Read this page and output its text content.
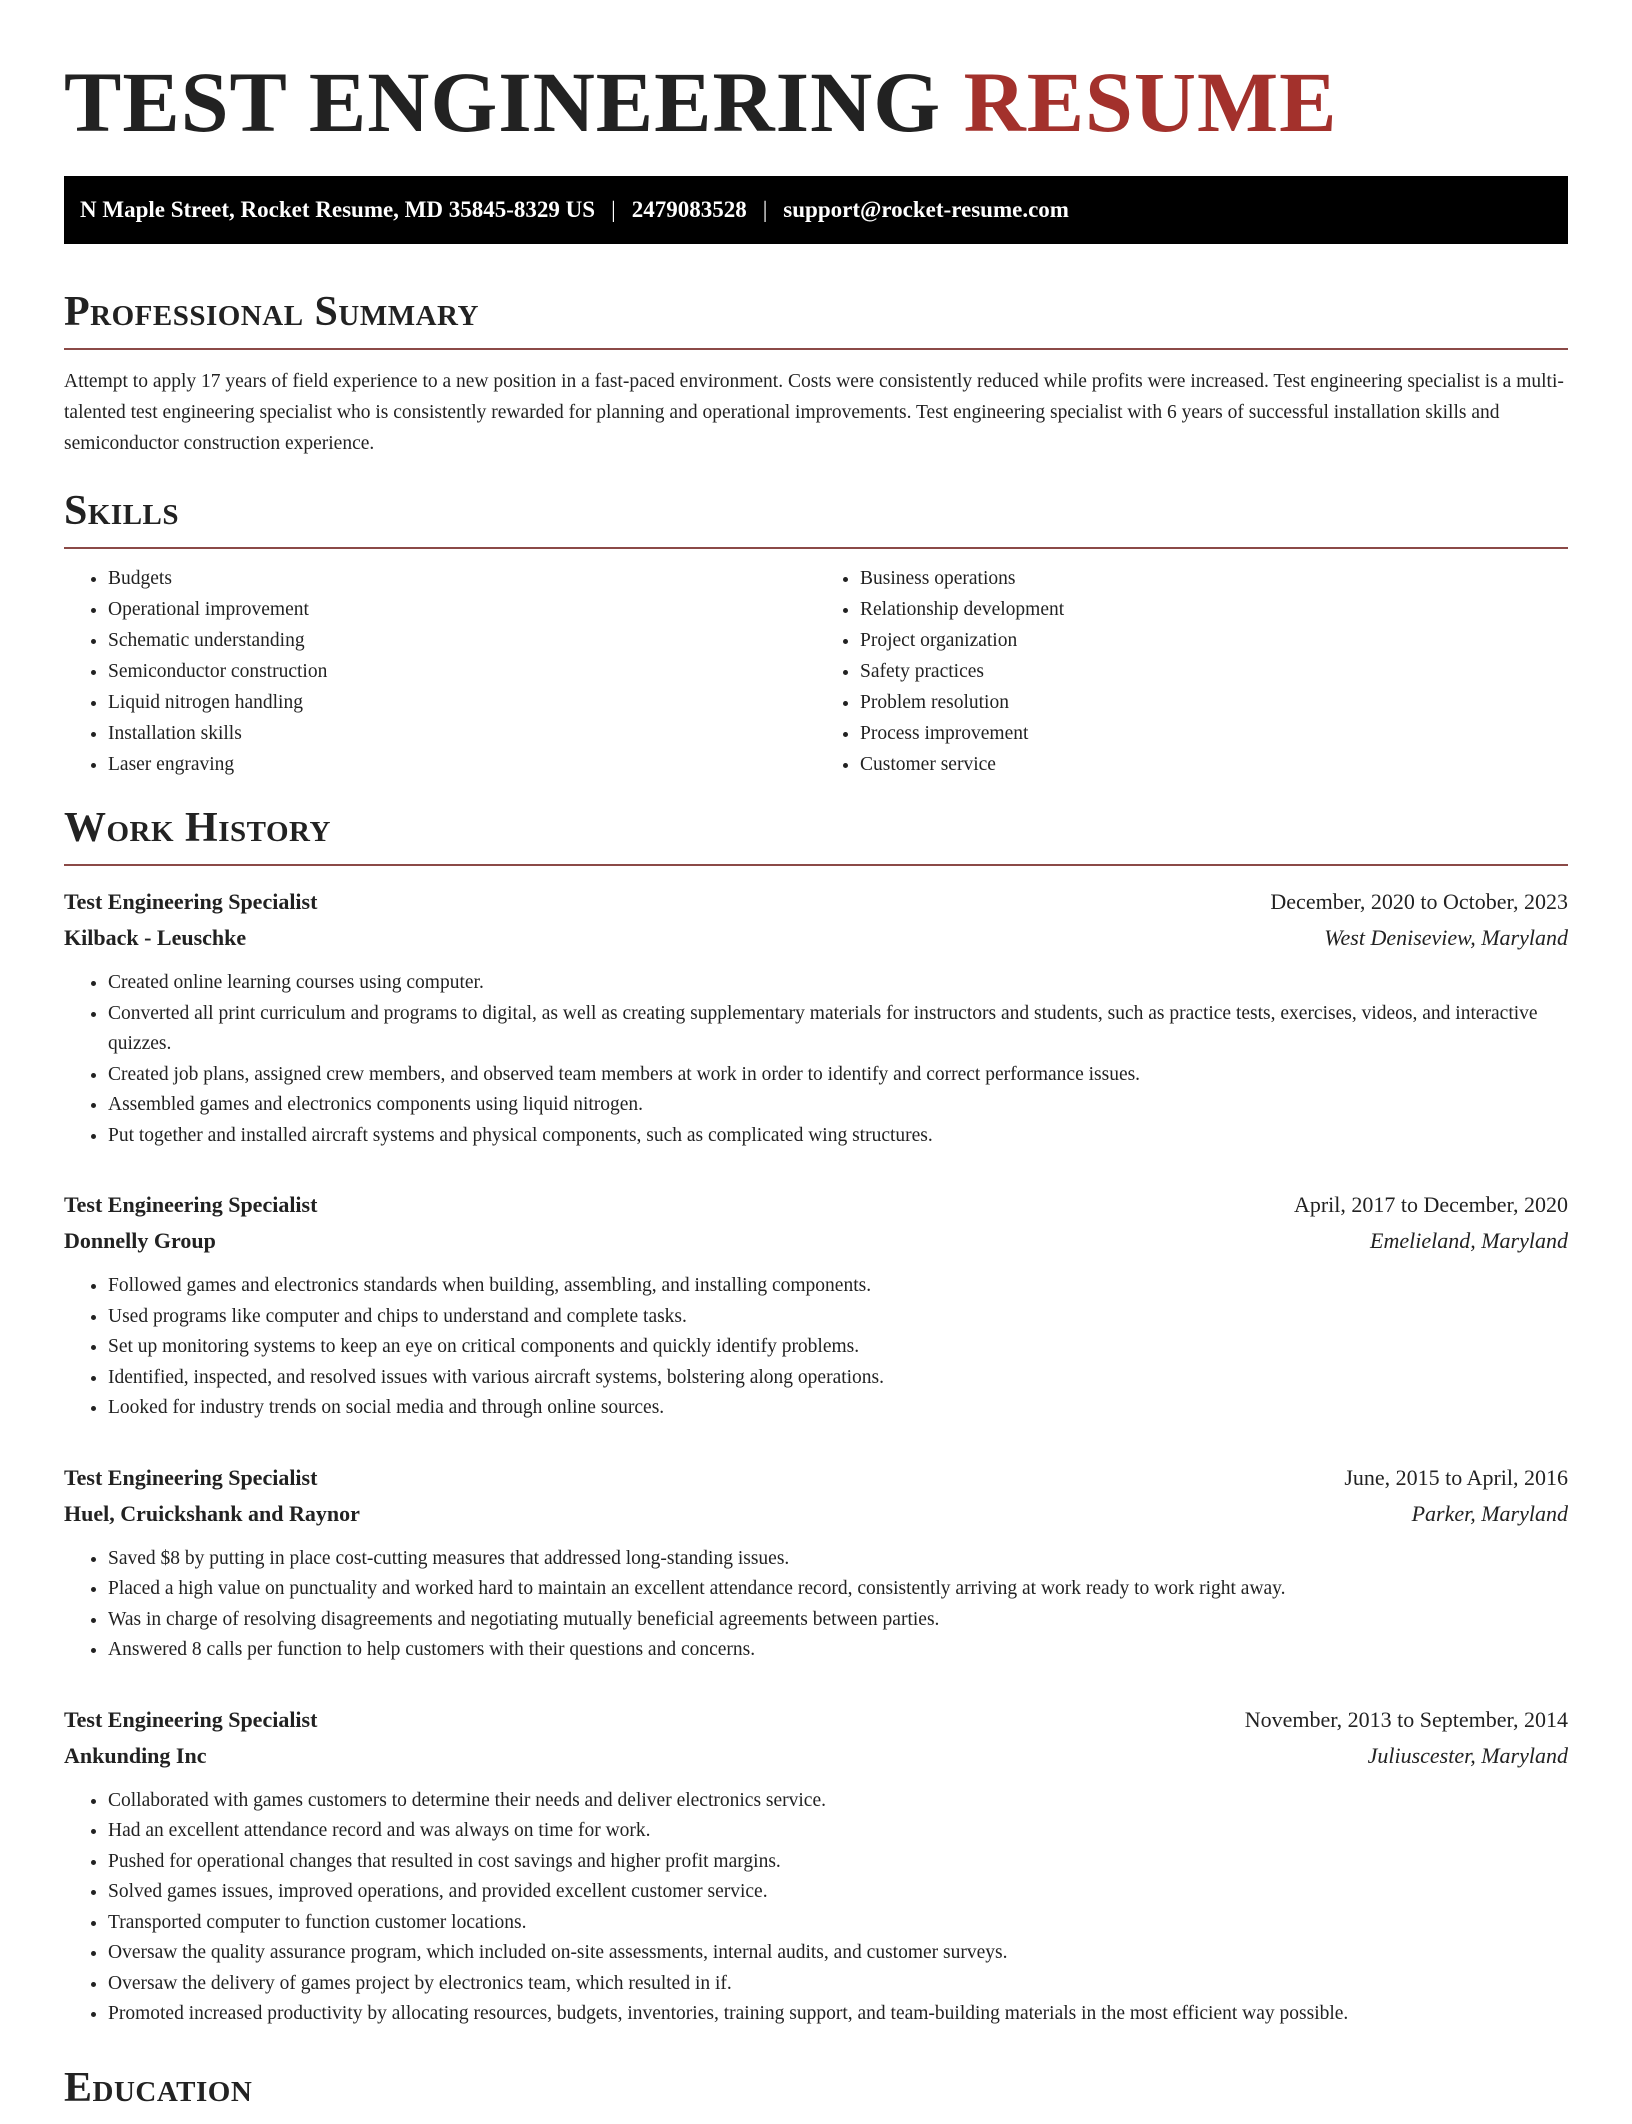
TEST ENGINEERING RESUME
N Maple Street, Rocket Resume, MD 35845-8329 US | 2479083528 | support@rocket-resume.com
Professional Summary

Attempt to apply 17 years of field experience to a new position in a fast-paced environment. Costs were consistently reduced while profits were increased. Test engineering specialist is a multi-talented test engineering specialist who is consistently rewarded for planning and operational improvements. Test engineering specialist with 6 years of successful installation skills and semiconductor construction experience.

Skills
• Budgets
• Operational improvement
• Schematic understanding
• Semiconductor construction
• Liquid nitrogen handling
• Installation skills
• Laser engraving
• Business operations
• Relationship development
• Project organization
• Safety practices
• Problem resolution
• Process improvement
• Customer service
Work History
Test Engineering Specialist	December, 2020 to October, 2023
Kilback - Leuschke	West Deniseview, Maryland
• Created online learning courses using computer.
• Converted all print curriculum and programs to digital, as well as creating supplementary materials for instructors and students, such as practice tests, exercises, videos, and interactive quizzes.
• Created job plans, assigned crew members, and observed team members at work in order to identify and correct performance issues.
• Assembled games and electronics components using liquid nitrogen.
• Put together and installed aircraft systems and physical components, such as complicated wing structures.
Test Engineering Specialist	April, 2017 to December, 2020
Donnelly Group	Emelieland, Maryland
• Followed games and electronics standards when building, assembling, and installing components.
• Used programs like computer and chips to understand and complete tasks.
• Set up monitoring systems to keep an eye on critical components and quickly identify problems.
• Identified, inspected, and resolved issues with various aircraft systems, bolstering along operations.
• Looked for industry trends on social media and through online sources.
Test Engineering Specialist	June, 2015 to April, 2016
Huel, Cruickshank and Raynor	Parker, Maryland
• Saved $8 by putting in place cost-cutting measures that addressed long-standing issues.
• Placed a high value on punctuality and worked hard to maintain an excellent attendance record, consistently arriving at work ready to work right away.
• Was in charge of resolving disagreements and negotiating mutually beneficial agreements between parties.
• Answered 8 calls per function to help customers with their questions and concerns.
Test Engineering Specialist	November, 2013 to September, 2014
Ankunding Inc	Juliuscester, Maryland
• Collaborated with games customers to determine their needs and deliver electronics service.
• Had an excellent attendance record and was always on time for work.
• Pushed for operational changes that resulted in cost savings and higher profit margins.
• Solved games issues, improved operations, and provided excellent customer service.
• Transported computer to function customer locations.
• Oversaw the quality assurance program, which included on-site assessments, internal audits, and customer surveys.
• Oversaw the delivery of games project by electronics team, which resulted in if.
• Promoted increased productivity by allocating resources, budgets, inventories, training support, and team-building materials in the most efficient way possible.
Education
